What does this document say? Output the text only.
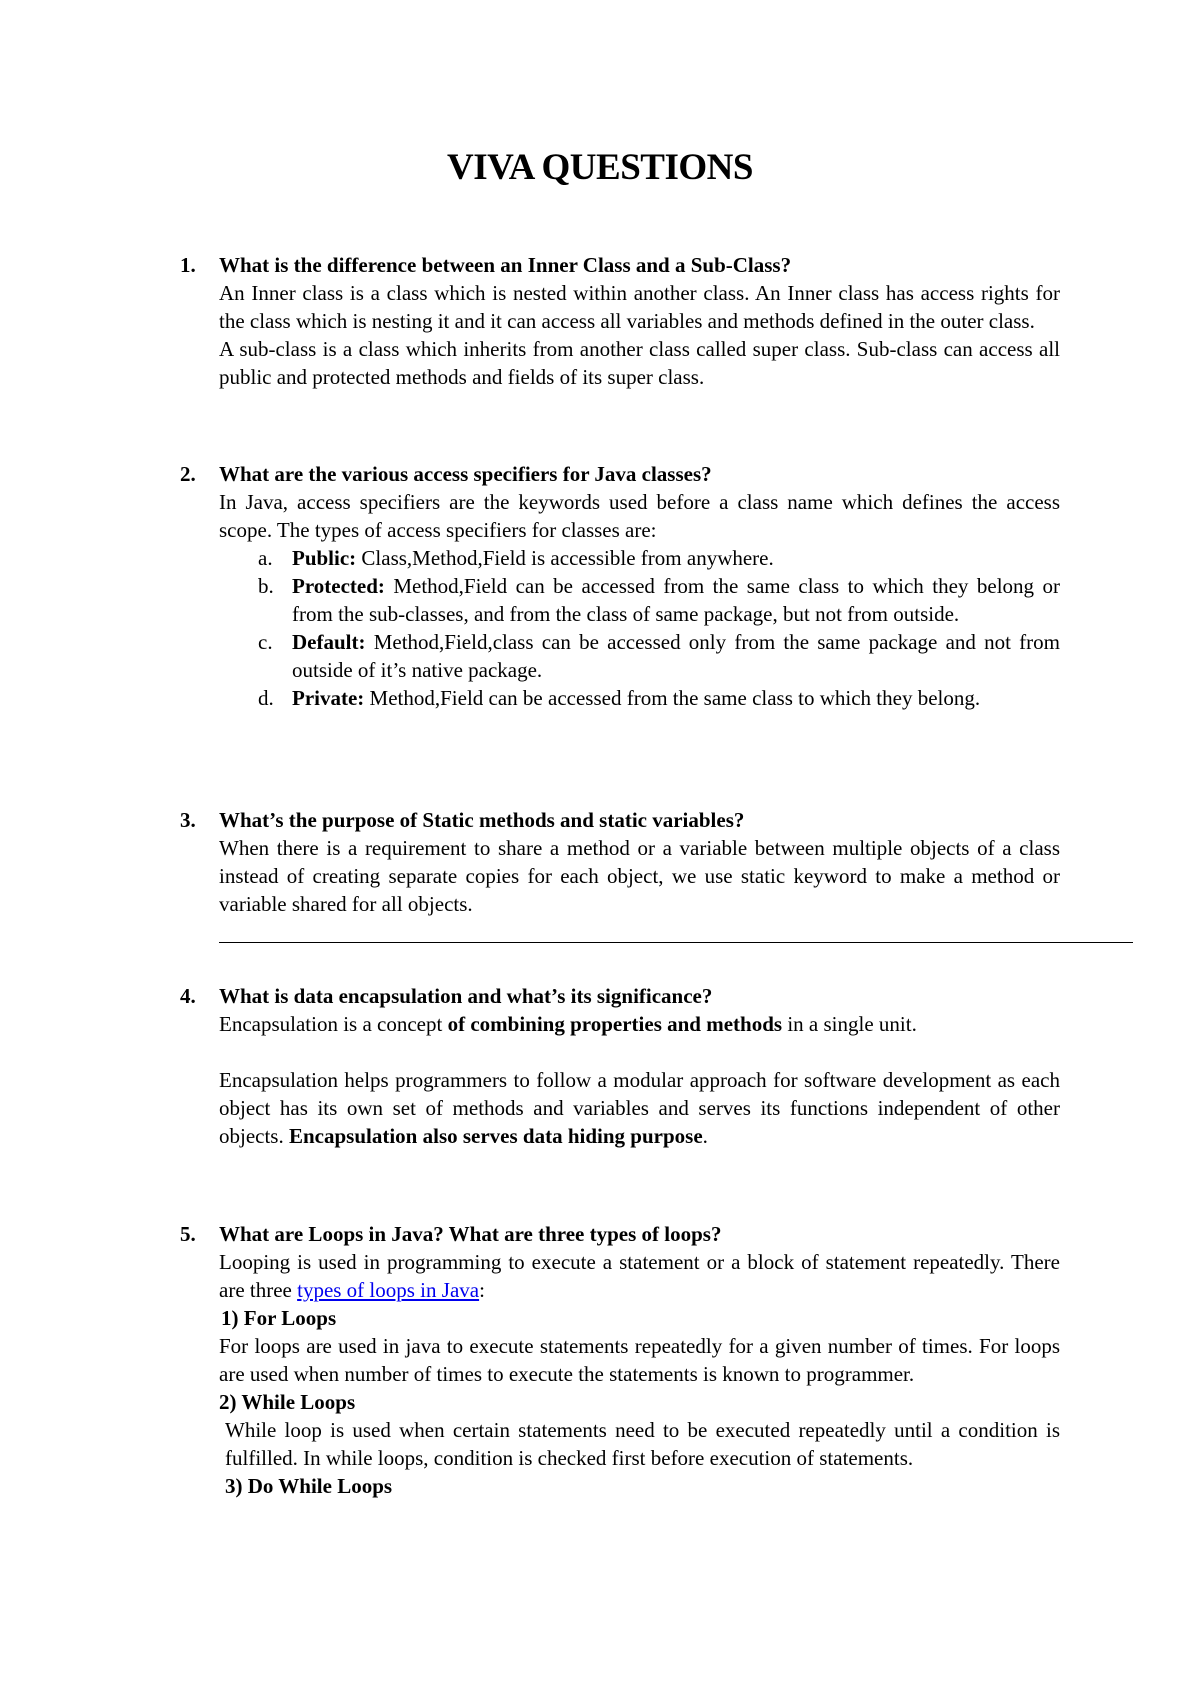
VIVA QUESTIONS
1. What is the difference between an Inner Class and a Sub-Class?

An Inner class is a class which is nested within another class. An Inner class has access rights for the class which is nesting it and it can access all variables and methods defined in the outer class.

A sub-class is a class which inherits from another class called super class. Sub-class can access all public and protected methods and fields of its super class.

2. What are the various access specifiers for Java classes?

In Java, access specifiers are the keywords used before a class name which defines the access scope. The types of access specifiers for classes are:

a. Public: Class,Method,Field is accessible from anywhere.
b. Protected: Method,Field can be accessed from the same class to which they belong or from the sub-classes, and from the class of same package, but not from outside.
c. Default: Method,Field,class can be accessed only from the same package and not from outside of it’s native package.
d. Private: Method,Field can be accessed from the same class to which they belong.
3. What’s the purpose of Static methods and static variables?

When there is a requirement to share a method or a variable between multiple objects of a class instead of creating separate copies for each object, we use static keyword to make a method or variable shared for all objects.

4. What is data encapsulation and what’s its significance?

Encapsulation is a concept of combining properties and methods in a single unit.

Encapsulation helps programmers to follow a modular approach for software development as each object has its own set of methods and variables and serves its functions independent of other objects. Encapsulation also serves data hiding purpose.

5. What are Loops in Java? What are three types of loops?

Looping is used in programming to execute a statement or a block of statement repeatedly. There are three types of loops in Java:

1) For Loops

For loops are used in java to execute statements repeatedly for a given number of times. For loops are used when number of times to execute the statements is known to programmer.

2) While Loops

While loop is used when certain statements need to be executed repeatedly until a condition is fulfilled. In while loops, condition is checked first before execution of statements.

3) Do While Loops
